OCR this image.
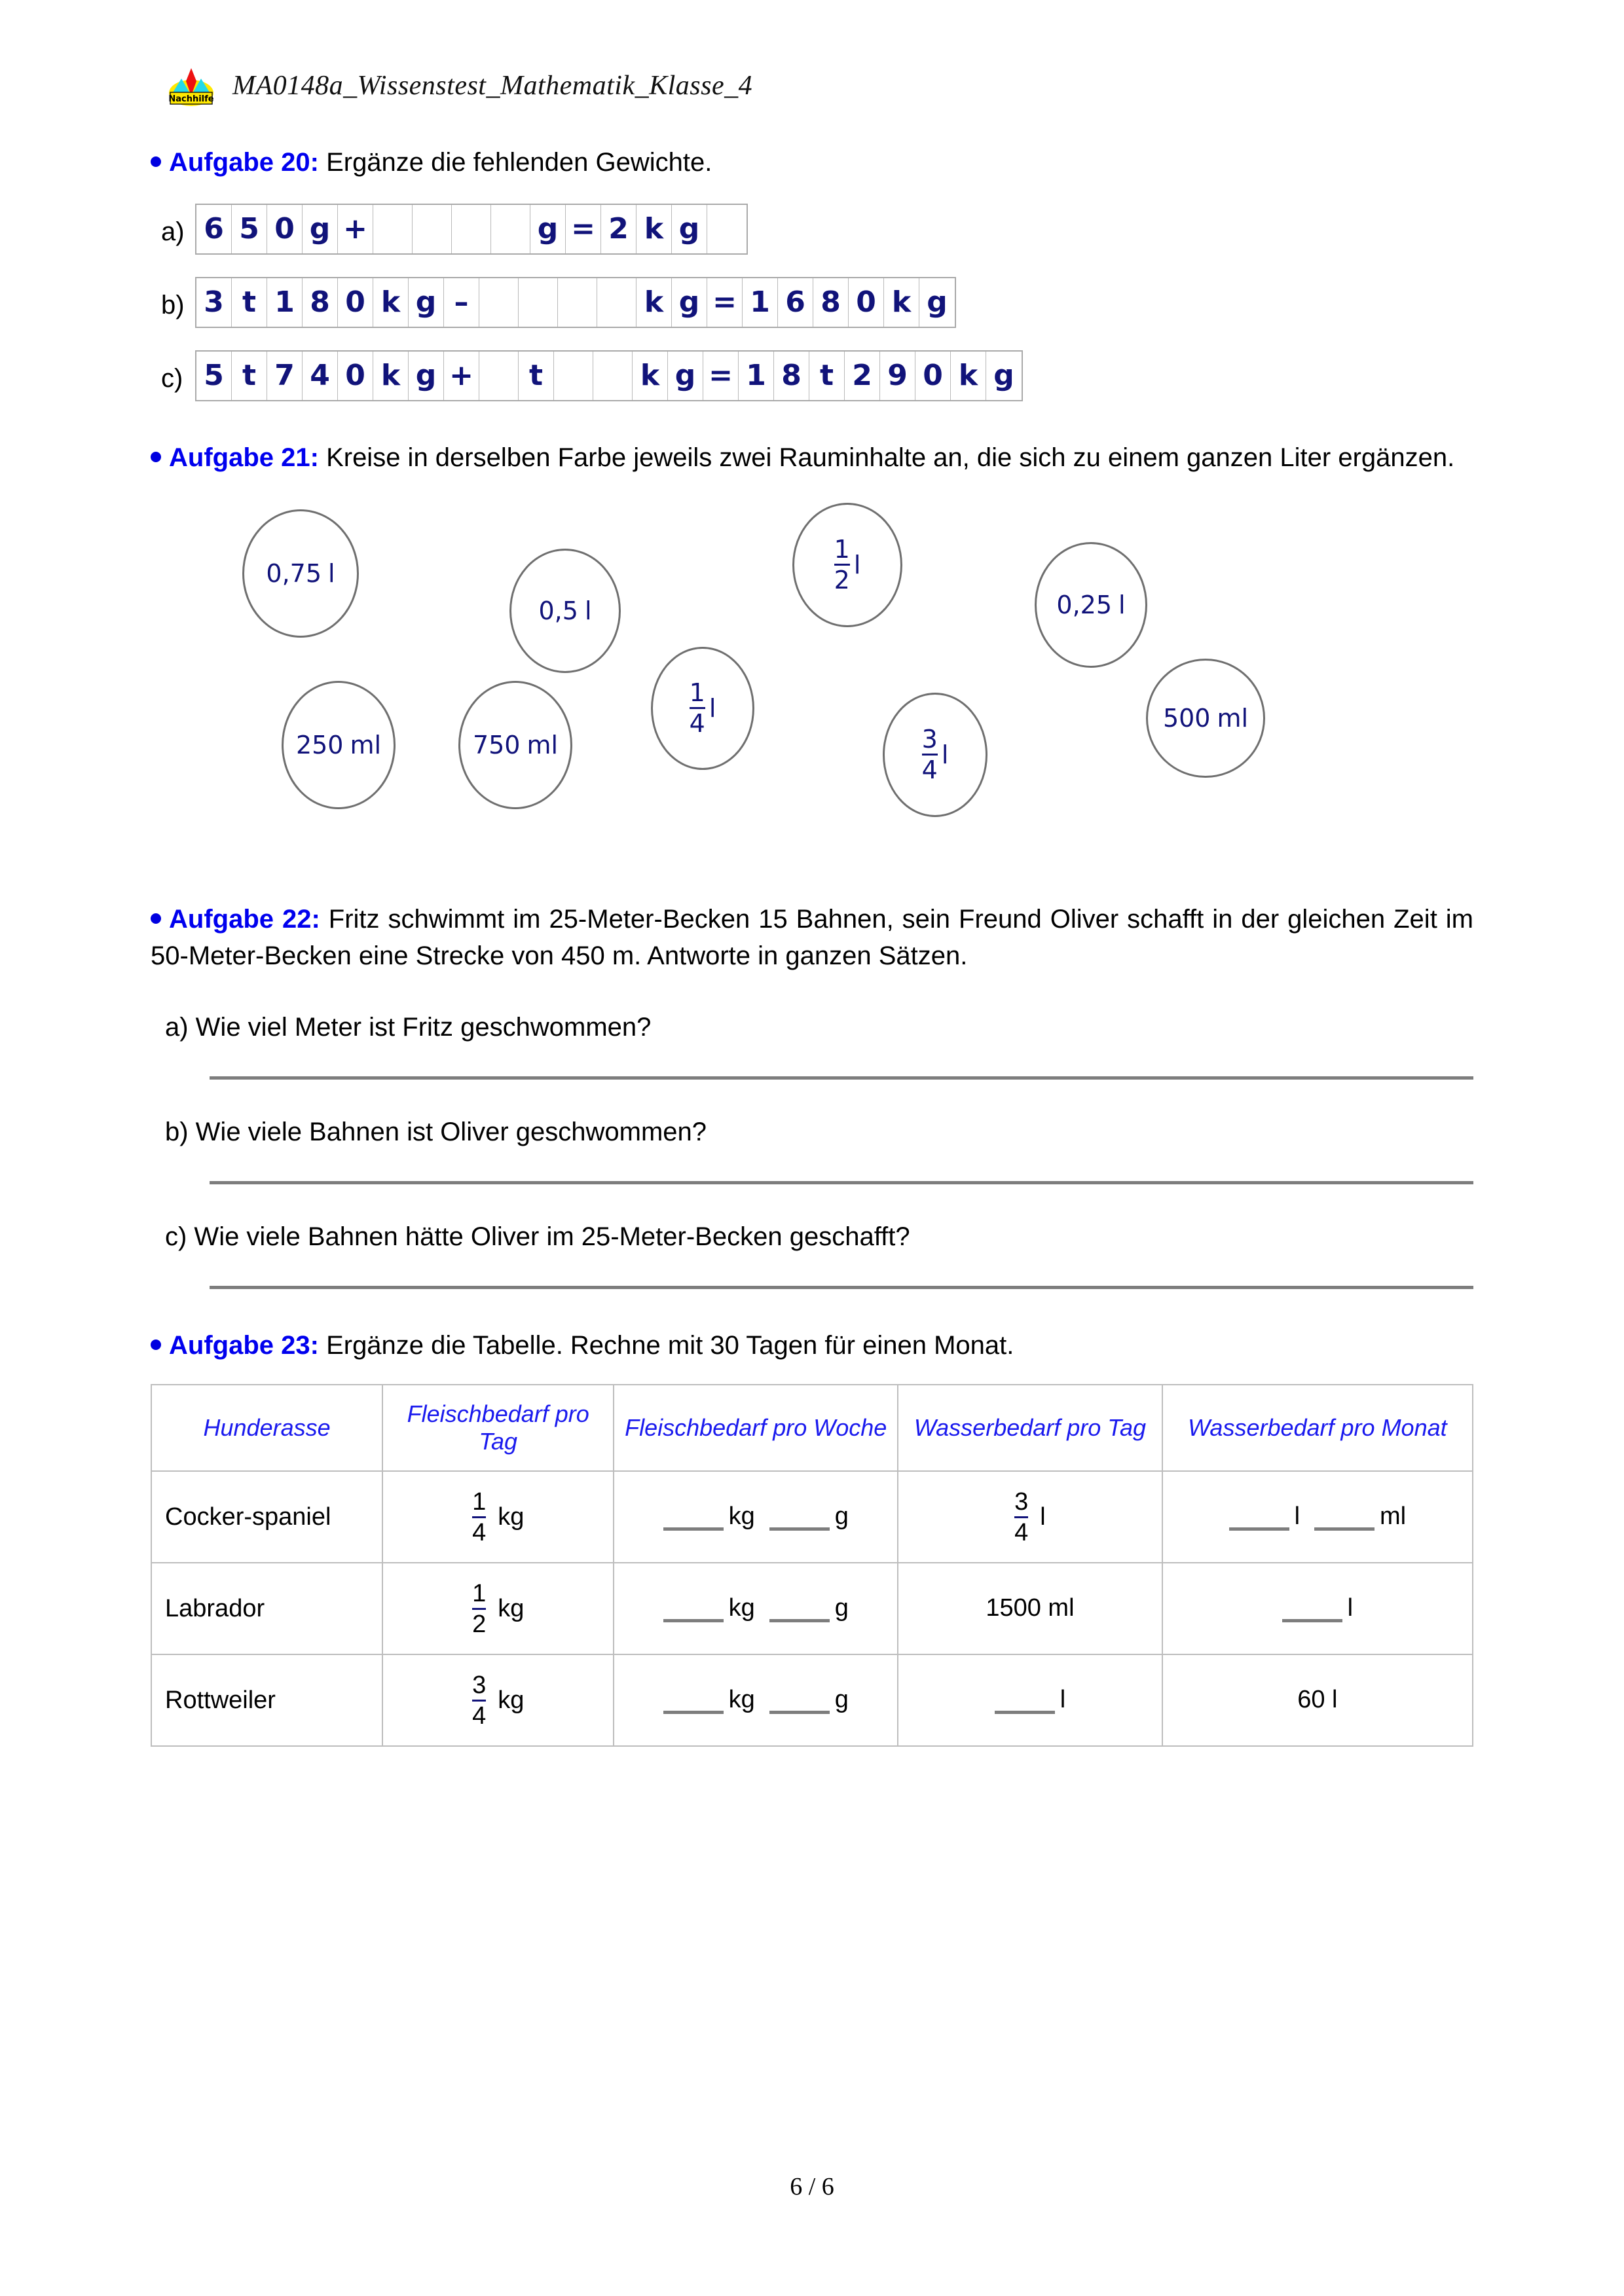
Nachhilfe MA0148a_Wissenstest_Mathematik_Klasse_4
Aufgabe 20: Ergänze die fehlenden Gewichte.
a) 6 5 0 g +	g = 2 k g
b) 3 t 1 8 0 k g –	k g = 1 6 8 0 k g
c) 5 t 7 4 0 k g +	t	k g = 1 8 t 2 9 0 k g
Aufgabe 21: Kreise in derselben Farbe jeweils zwei Rauminhalte an, die sich zu einem ganzen Liter ergänzen.
0,75 l
0,5 l
$\frac{1}{2}$ l
0,25 l
250 ml	750 ml
$\frac{1}{4}$ l
$\frac{3}{4}$ l
500 ml
Aufgabe 22: Fritz schwimmt im 25-Meter-Becken 15 Bahnen, sein Freund Oliver schafft in der gleichen Zeit im 50-Meter-Becken eine Strecke von 450 m. Antworte in ganzen Sätzen.
a) Wie viel Meter ist Fritz geschwommen?
b) Wie viele Bahnen ist Oliver geschwommen?
c) Wie viele Bahnen hätte Oliver im 25-Meter-Becken geschafft?
Aufgabe 23: Ergänze die Tabelle. Rechne mit 30 Tagen für einen Monat.
Hunderasse	Fleischbedarf pro Tag	Fleischbedarf pro Woche	Wasserbedarf pro Tag	Wasserbedarf pro Monat
Cocker-spaniel	$\frac{1}{4}$ kg	kg g	$\frac{3}{4}$ l	l ml
Labrador	$\frac{1}{2}$ kg	kg g	1500 ml	l
Rottweiler	$\frac{3}{4}$ kg	kg g	l	60 l
6 / 6
